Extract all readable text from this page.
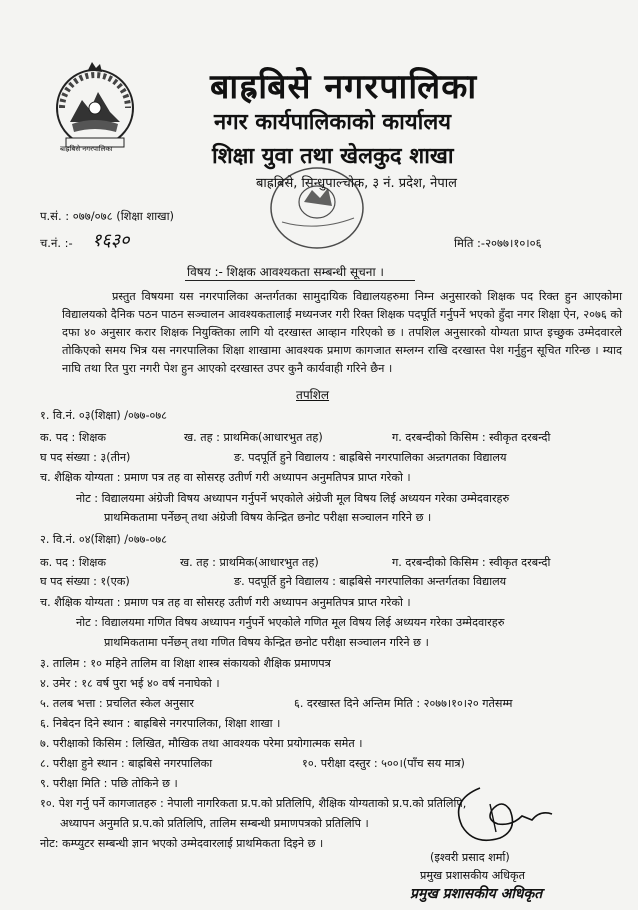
बाह्रबिसे नगरपालिका
बाह्रबिसे नगरपालिका
नगर कार्यपालिकाको कार्यालय
शिक्षा युवा तथा खेलकुद शाखा
बाह्रबिसे, सिन्धुपाल्चोक, ३ नं. प्रदेश, नेपाल
प.सं. : ०७७/०७८ (शिक्षा शाखा)
च.नं. :- १६३०	मिति :-२०७७।१०।०६
विषय :- शिक्षक आवश्यकता सम्बन्धी सूचना ।

प्रस्तुत विषयमा यस नगरपालिका अन्तर्गतका सामुदायिक विद्यालयहरुमा निम्न अनुसारको शिक्षक पद रिक्त हुन आएकोमा विद्यालयको दैनिक पठन पाठन सञ्चालन आवश्यकतालाई मध्यनजर गरी रिक्त शिक्षक पदपूर्ति गर्नुपर्ने भएको हुँदा नगर शिक्षा ऐन, २०७६ को दफा ४० अनुसार करार शिक्षक नियुक्तिका लागि यो दरखास्त आव्हान गरिएको छ । तपशिल अनुसारको योग्यता प्राप्त इच्छुक उम्मेदवारले तोकिएको समय भित्र यस नगरपालिका शिक्षा शाखामा आवश्यक प्रमाण कागजात सम्लग्न राखि दरखास्त पेश गर्नुहुन सूचित गरिन्छ । म्याद नाघि तथा रित पुरा नगरी पेश हुन आएको दरखास्त उपर कुनै कार्यवाही गरिने छैन ।

तपशिल
१. वि.नं. ०३(शिक्षा) /०७७-०७८
क. पद : शिक्षक	ख. तह : प्राथमिक(आधारभुत तह)	ग. दरबन्दीको किसिम : स्वीकृत दरबन्दी
घ पद संख्या : ३(तीन)	ङ. पदपूर्ति हुने विद्यालय : बाह्रबिसे नगरपालिका अन्र्तगतका विद्यालय
च. शैक्षिक योग्यता : प्रमाण पत्र तह वा सोसरह उतीर्ण गरी अध्यापन अनुमतिपत्र प्राप्त गरेको ।
नोट : विद्यालयमा अंग्रेजी विषय अध्यापन गर्नुपर्ने भएकोले अंग्रेजी मूल विषय लिई अध्ययन गरेका उम्मेदवारहरु
प्राथमिकतामा पर्नेछन् तथा अंग्रेजी विषय केन्द्रित छनोट परीक्षा सञ्चालन गरिने छ ।
२. वि.नं. ०४(शिक्षा) /०७७-०७८
क. पद : शिक्षक	ख. तह : प्राथमिक(आधारभुत तह)	ग. दरबन्दीको किसिम : स्वीकृत दरबन्दी
घ पद संख्या : १(एक)	ङ. पदपूर्ति हुने विद्यालय : बाह्रबिसे नगरपालिका अन्तर्गतका विद्यालय
च. शैक्षिक योग्यता : प्रमाण पत्र तह वा सोसरह उतीर्ण गरी अध्यापन अनुमतिपत्र प्राप्त गरेको ।
नोट : विद्यालयमा गणित विषय अध्यापन गर्नुपर्ने भएकोले गणित मूल विषय लिई अध्ययन गरेका उम्मेदवारहरु
प्राथमिकतामा पर्नेछन् तथा गणित विषय केन्द्रित छनोट परीक्षा सञ्चालन गरिने छ ।
३. तालिम : १० महिने तालिम वा शिक्षा शास्त्र संकायको शैक्षिक प्रमाणपत्र
४. उमेर : १८ वर्ष पुरा भई ४० वर्ष ननाघेको ।
५. तलब भत्ता : प्रचलित स्केल अनुसार	६. दरखास्त दिने अन्तिम मिति : २०७७।१०।२० गतेसम्म
६. निबेदन दिने स्थान : बाह्रबिसे नगरपालिका, शिक्षा शाखा ।
७. परीक्षाको किसिम : लिखित, मौखिक तथा आवश्यक परेमा प्रयोगात्मक समेत ।
८. परीक्षा हुने स्थान : बाह्रबिसे नगरपालिका	१०. परीक्षा दस्तुर : ५००।(पाँच सय मात्र)
९. परीक्षा मिति : पछि तोकिने छ ।
१०. पेश गर्नु पर्ने कागजातहरु : नेपाली नागरिकता प्र.प.को प्रतिलिपि, शैक्षिक योग्यताको प्र.प.को प्रतिलिपि,
अध्यापन अनुमति प्र.प.को प्रतिलिपि, तालिम सम्बन्धी प्रमाणपत्रको प्रतिलिपि ।
नोट: कम्प्युटर सम्बन्धी ज्ञान भएको उम्मेदवारलाई प्राथमिकता दिइने छ ।
(इश्वरी प्रसाद शर्मा)
प्रमुख प्रशासकीय अधिकृत
प्रमुख प्रशासकीय अधिकृत
